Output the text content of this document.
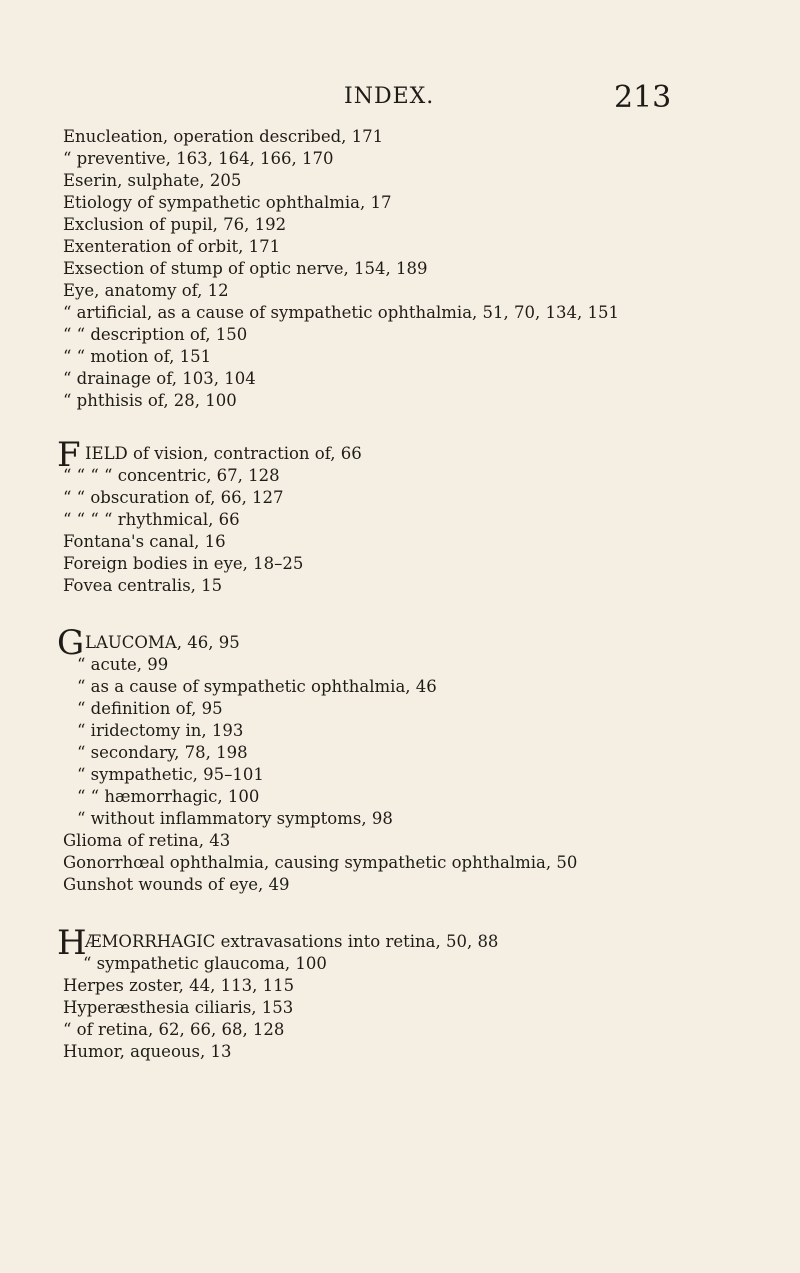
INDEX.	213
Enucleation, operation described, 171
“ preventive, 163, 164, 166, 170
Eserin, sulphate, 205
Etiology of sympathetic ophthalmia, 17
Exclusion of pupil, 76, 192
Exenteration of orbit, 171
Exsection of stump of optic nerve, 154, 189
Eye, anatomy of, 12
“ artificial, as a cause of sympathetic ophthalmia, 51, 70, 134, 151
“ “ description of, 150
“ “ motion of, 151
“ drainage of, 103, 104
“ phthisis of, 28, 100
F IELD of vision, contraction of, 66
“ “ “ “ concentric, 67, 128
“ “ obscuration of, 66, 127
“ “ “ “ rhythmical, 66
Fontana's canal, 16
Foreign bodies in eye, 18–25
Fovea centralis, 15
G LAUCOMA, 46, 95
“ acute, 99
“ as a cause of sympathetic ophthalmia, 46
“ definition of, 95
“ iridectomy in, 193
“ secondary, 78, 198
“ sympathetic, 95–101
“ “ hæmorrhagic, 100
“ without inflammatory symptoms, 98
Glioma of retina, 43
Gonorrhœal ophthalmia, causing sympathetic ophthalmia, 50
Gunshot wounds of eye, 49
H
ÆMORRHAGIC extravasations into retina, 50, 88
“ sympathetic glaucoma, 100
Herpes zoster, 44, 113, 115
Hyperæsthesia ciliaris, 153
“ of retina, 62, 66, 68, 128
Humor, aqueous, 13
